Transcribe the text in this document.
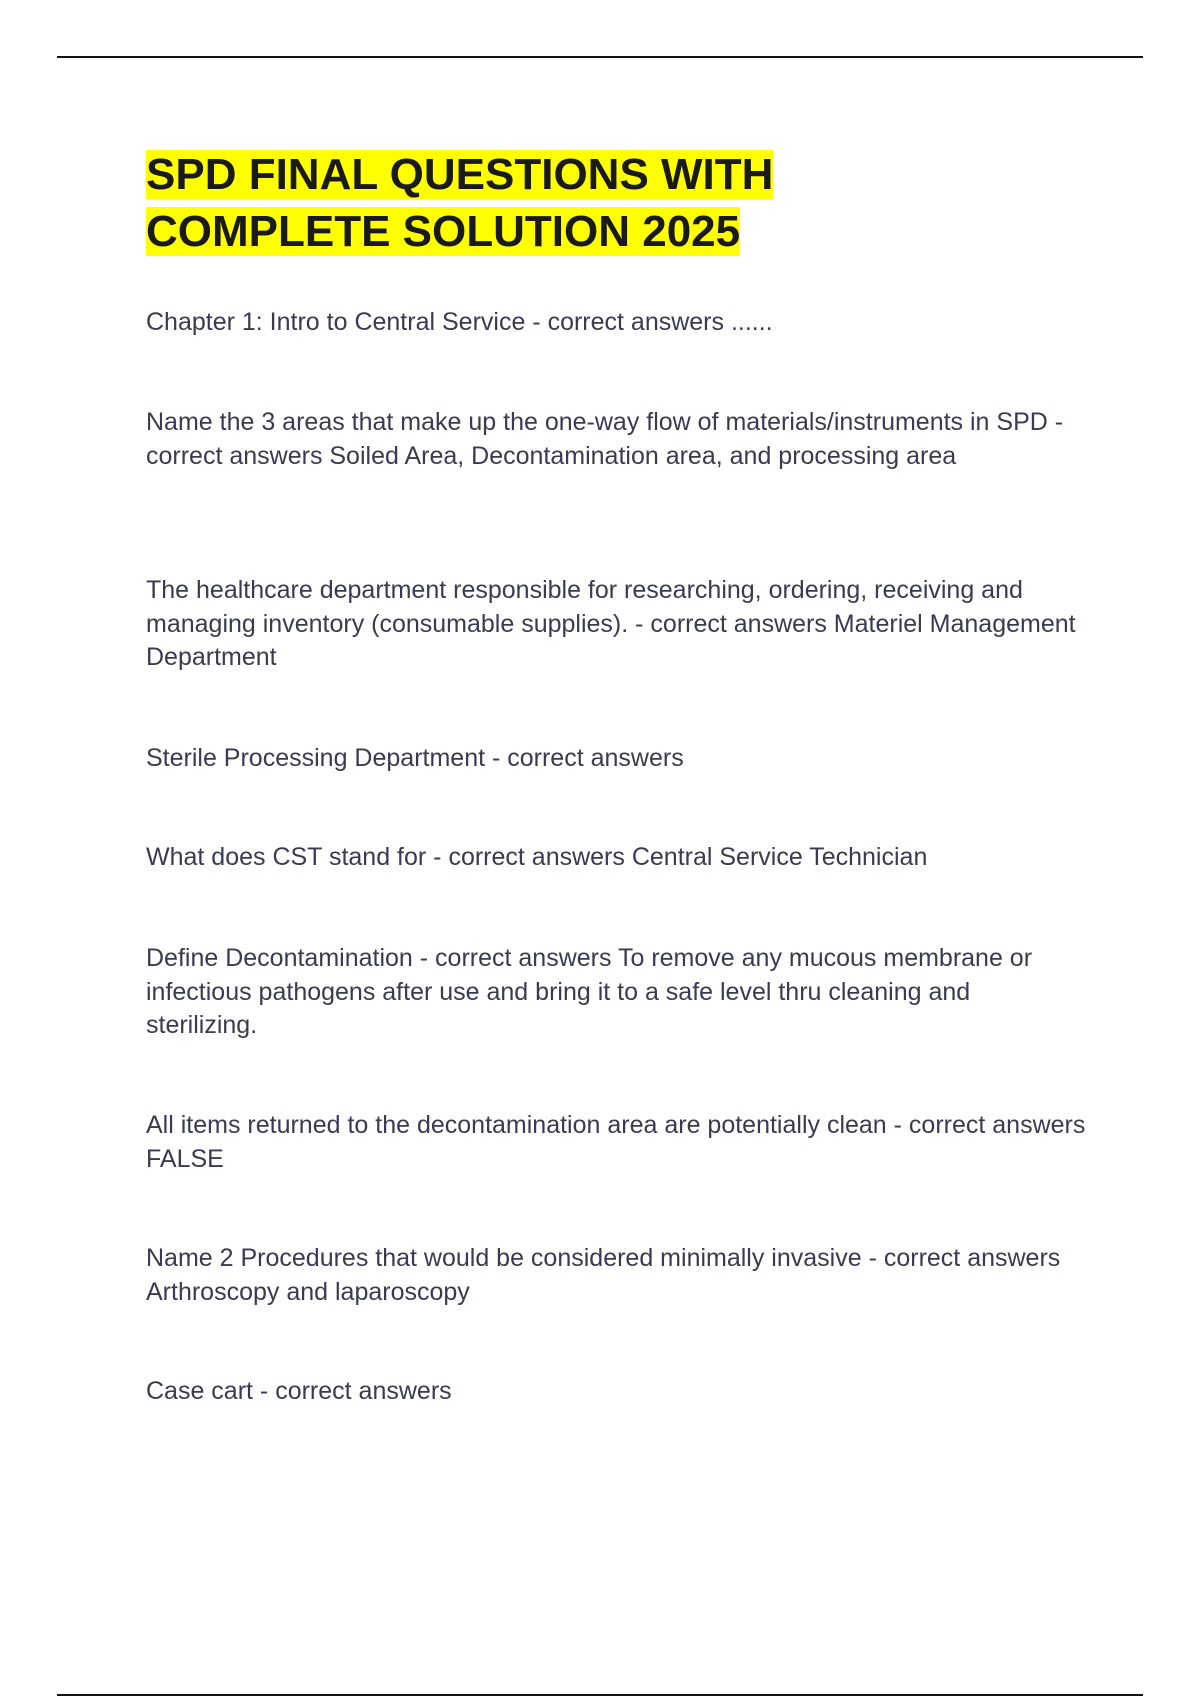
SPD FINAL QUESTIONS WITH
COMPLETE SOLUTION 2025

Chapter 1: Intro to Central Service - correct answers ......

Name the 3 areas that make up the one-way flow of materials/instruments in SPD - correct answers Soiled Area, Decontamination area, and processing area

The healthcare department responsible for researching, ordering, receiving and managing inventory (consumable supplies). - correct answers Materiel Management Department

Sterile Processing Department - correct answers

What does CST stand for - correct answers Central Service Technician

Define Decontamination - correct answers To remove any mucous membrane or infectious pathogens after use and bring it to a safe level thru cleaning and sterilizing.

All items returned to the decontamination area are potentially clean - correct answers FALSE

Name 2 Procedures that would be considered minimally invasive - correct answers Arthroscopy and laparoscopy

Case cart - correct answers
